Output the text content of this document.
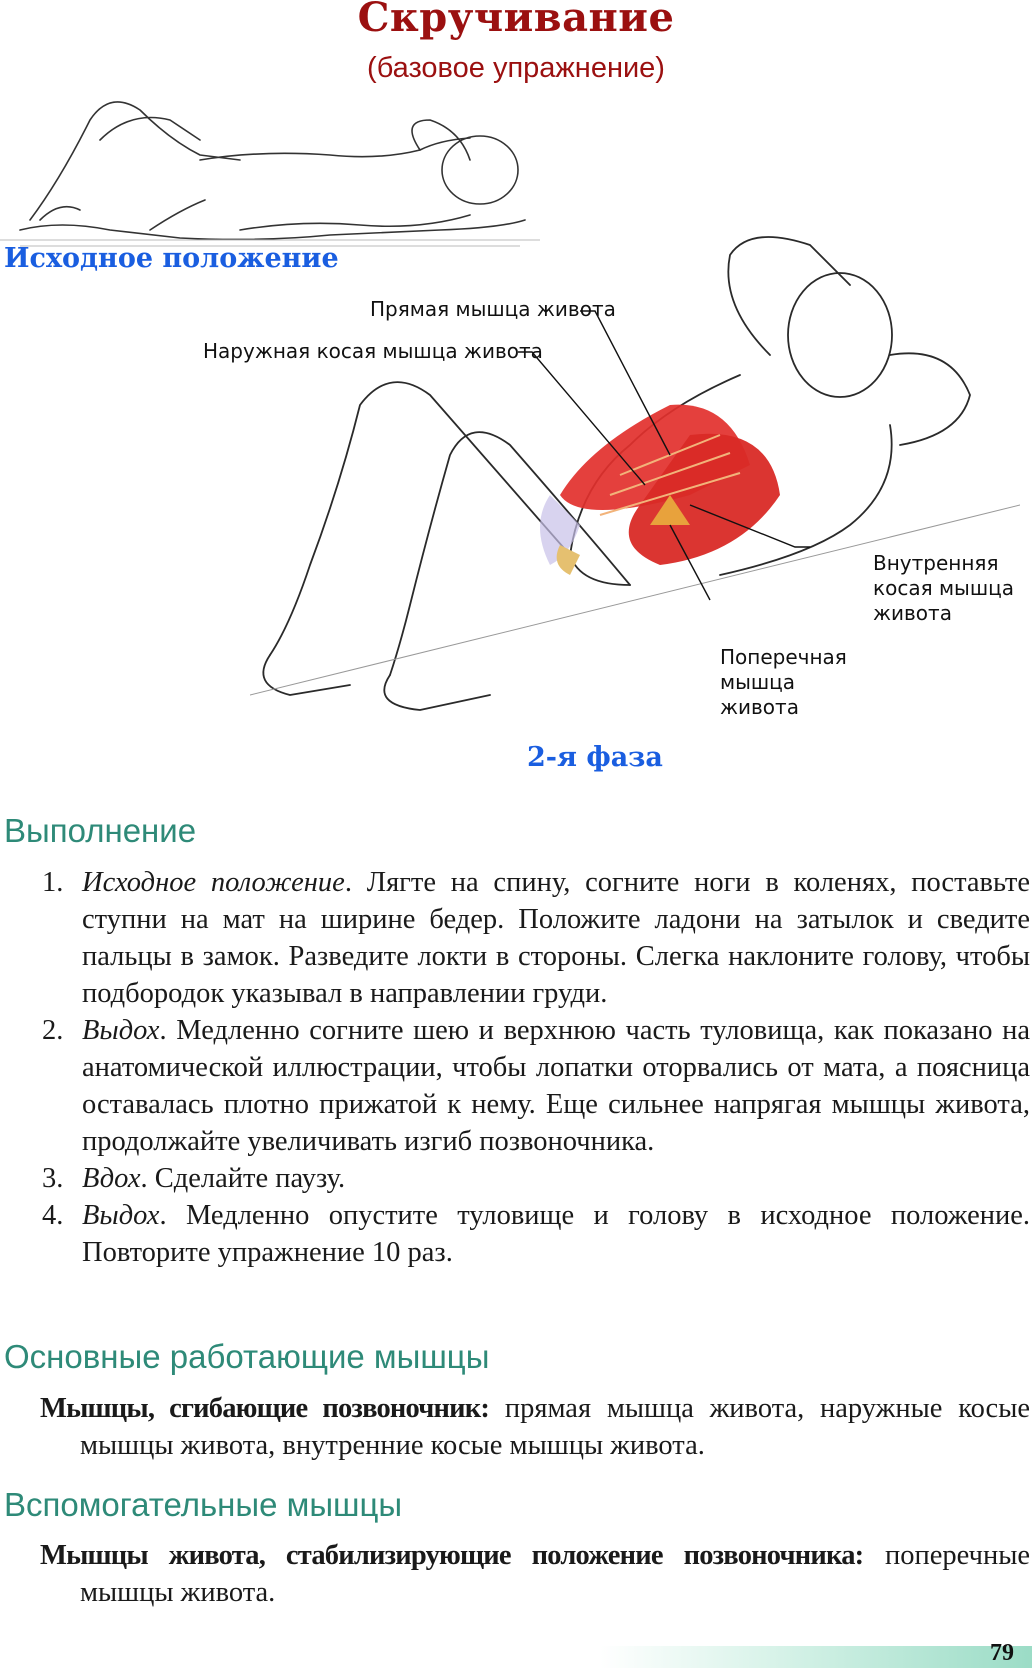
Скручивание
(базовое упражнение)
Исходное положение
Прямая мышца живота
Наружная косая мышца живота
Внутренняя
косая мышца
живота
Поперечная
мышца
живота
2-я фаза
Выполнение
1. Исходное положение. Лягте на спину, согните ноги в коленях, поставьте ступни на мат на ширине бедер. Положите ладони на затылок и сведите пальцы в замок. Разведите локти в стороны. Слегка наклоните голову, чтобы подбородок указывал в направлении груди.
2. Выдох. Медленно согните шею и верхнюю часть туловища, как показано на анатомической иллюстрации, чтобы лопатки оторвались от мата, а поясница оставалась плотно прижатой к нему. Еще сильнее напрягая мышцы живота, продолжайте увеличивать изгиб позвоночника.
3. Вдох. Сделайте паузу.
4. Выдох. Медленно опустите туловище и голову в исходное положение. Повторите упражнение 10 раз.
Основные работающие мышцы
Мышцы, сгибающие позвоночник: прямая мышца живота, наружные косые мышцы живота, внутренние косые мышцы живота.
Вспомогательные мышцы
Мышцы живота, стабилизирующие положение позвоночника: поперечные мышцы живота.
79
